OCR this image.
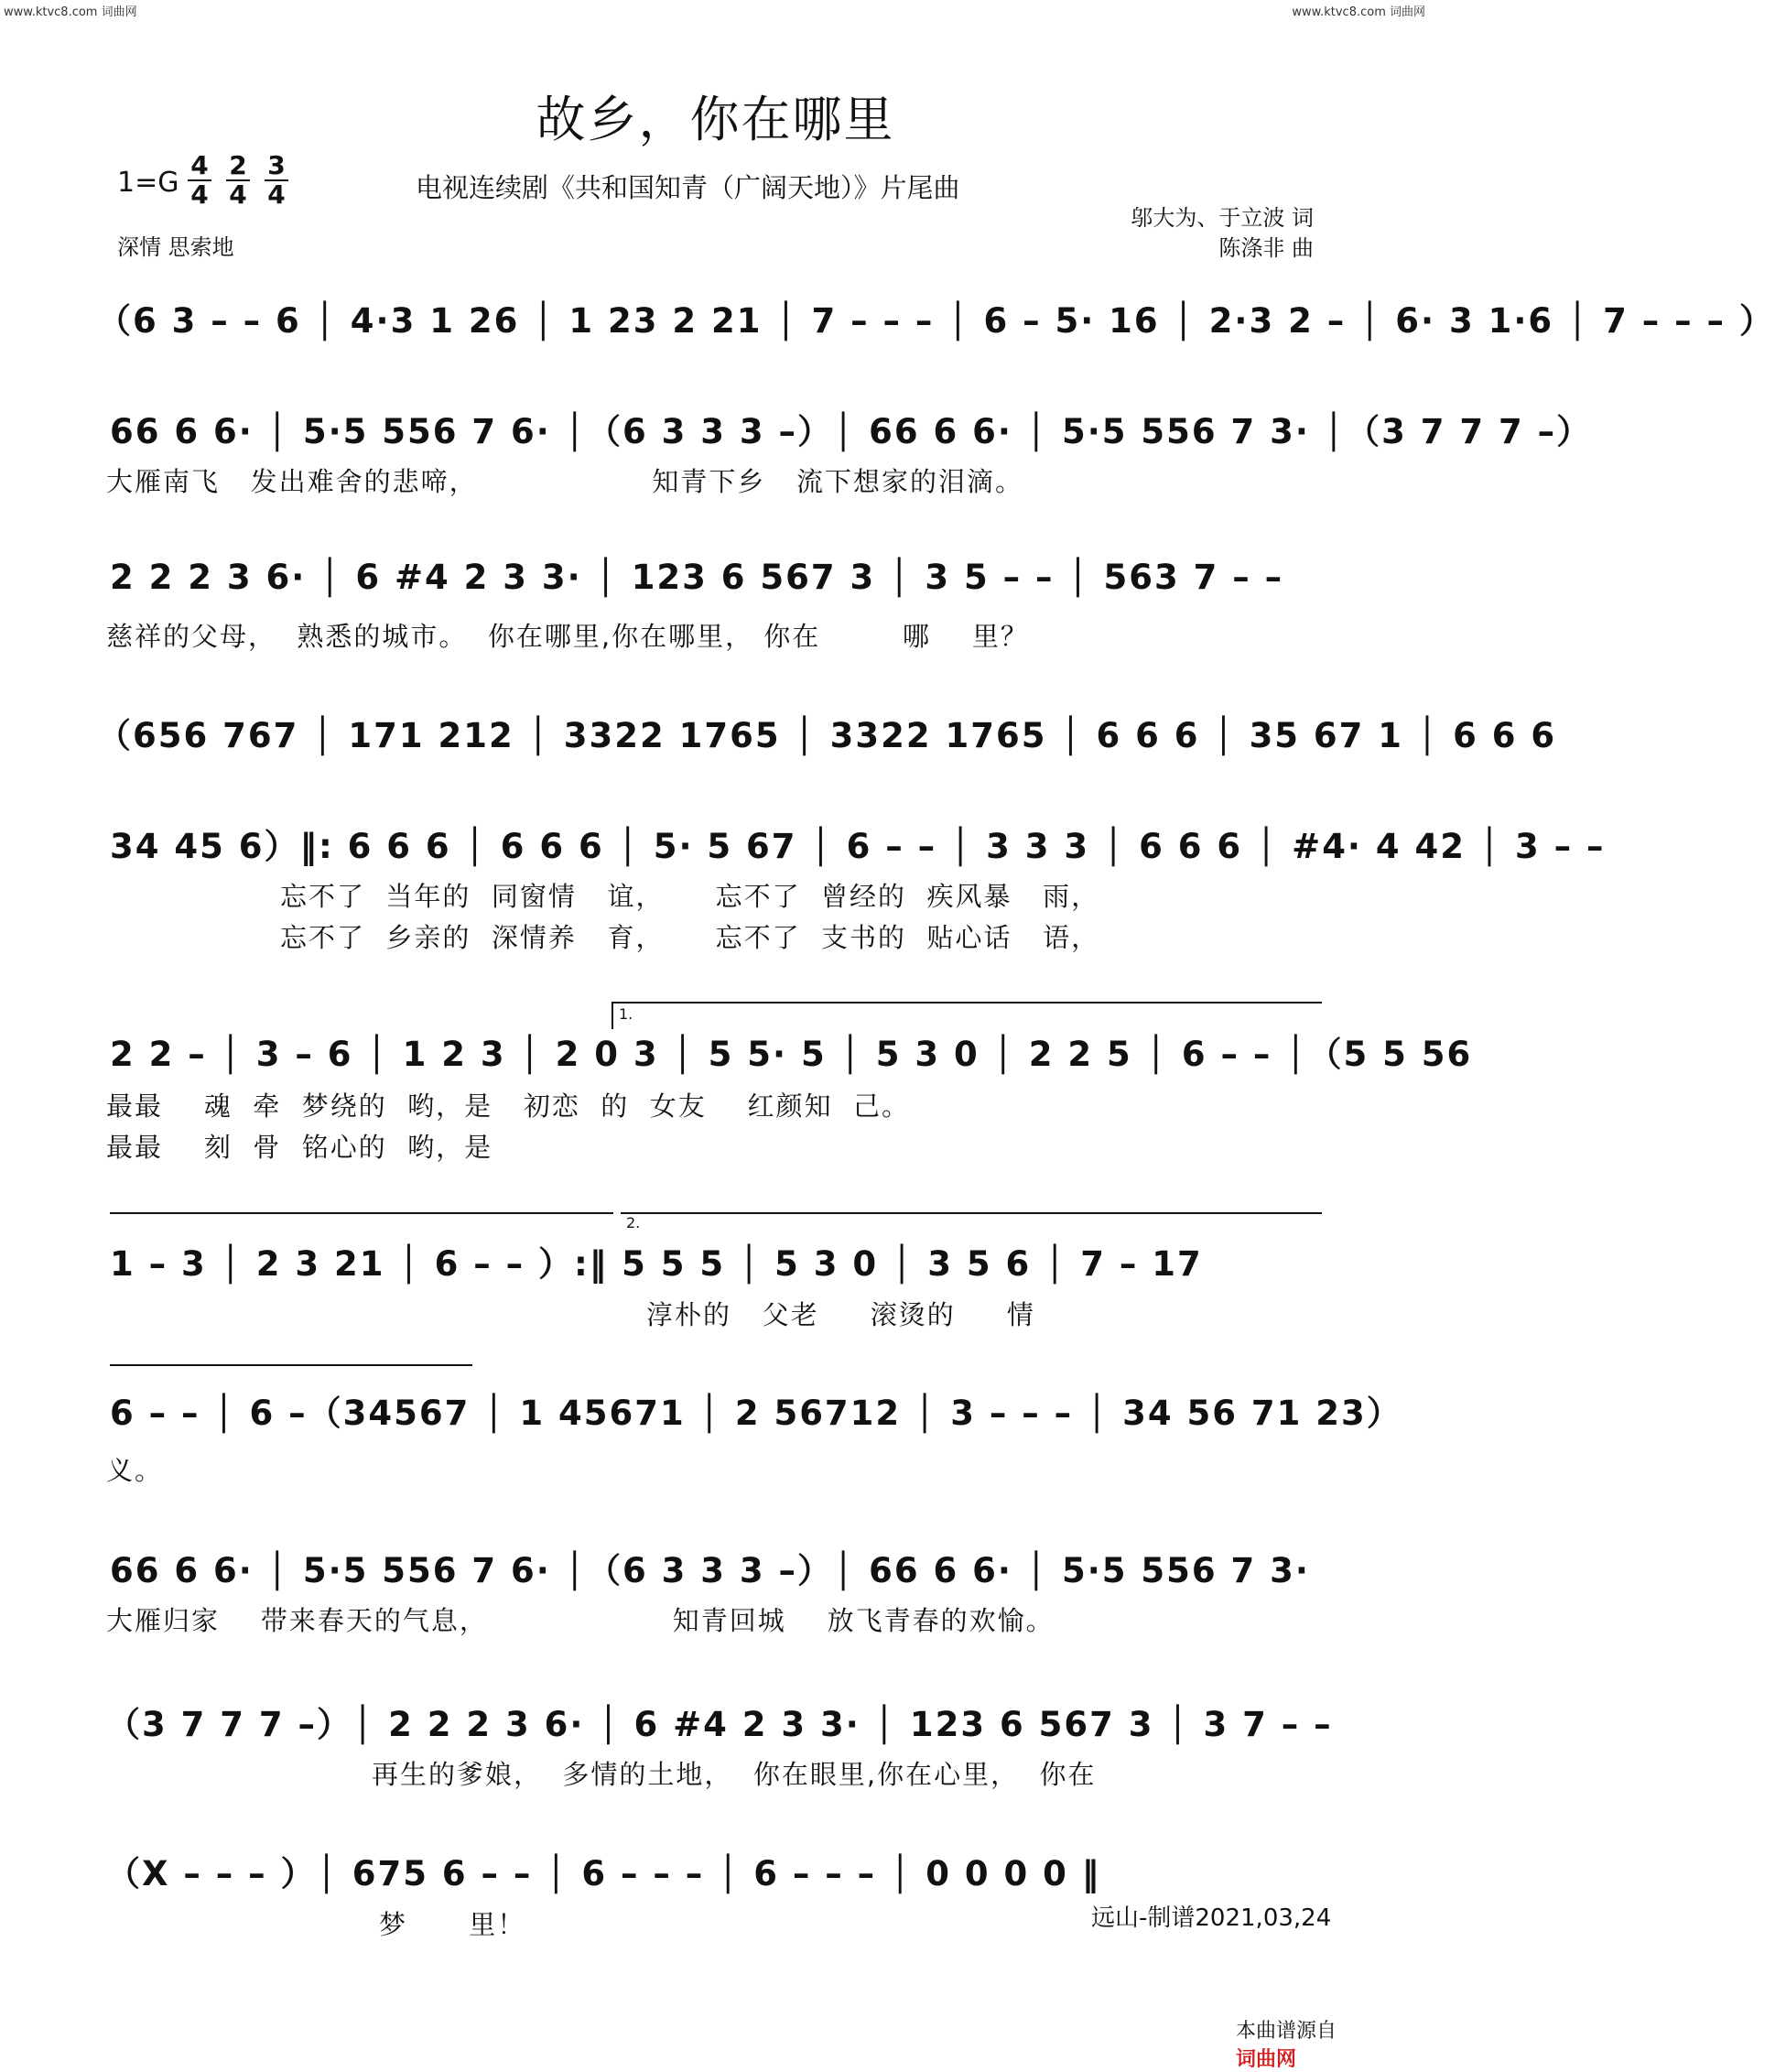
www.ktvc8.com 词曲网	www.ktvc8.com 词曲网
故乡，你在哪里
1=G
4
4
2
4
3
4	电视连续剧《共和国知青（广阔天地）》片尾曲
深情 思索地
邬大为、于立波 词
陈涤非 曲
（6 3 – – 6 │ 4·3 1 26 │ 1 23 2 21 │ 7 – – – │ 6 – 5· 16 │ 2·3 2 – │ 6· 3 1·6 │ 7 – – – ）
66 6 6· │ 5·5 556 7 6· │（6 3 3 3 –）│ 66 6 6· │ 5·5 556 7 3· │（3 7 7 7 –）
大雁南飞   发出难舍的悲啼，                 知青下乡   流下想家的泪滴。
2 2 2 3 6· │ 6 #4 2 3 3· │ 123 6 567 3 │ 3 5 – – │ 563 7 – –
慈祥的父母，  熟悉的城市。  你在哪里,你在哪里， 你在        哪    里？
（656 767 │ 171 212 │ 3322 1765 │ 3322 1765 │ 6 6 6 │ 35 67 1 │ 6 6 6
34 45 6）‖: 6 6 6 │ 6 6 6 │ 5· 5 67 │ 6 – – │ 3 3 3 │ 6 6 6 │ #4· 4 42 │ 3 – –
忘不了  当年的  同窗情   谊，     忘不了  曾经的  疾风暴   雨，
忘不了  乡亲的  深情养   育，     忘不了  支书的  贴心话   语，
1.
2 2 – │ 3 – 6 │ 1 2 3 │ 2 0 3 │ 5 5· 5 │ 5 3 0 │ 2 2 5 │ 6 – – │（5 5 56
最最    魂  牵  梦绕的  哟，是   初恋  的  女友    红颜知  己。
最最    刻  骨  铭心的  哟，是
2.
1 – 3 │ 2 3 21 │ 6 – – ）:‖ 5 5 5 │ 5 3 0 │ 3 5 6 │ 7 – 17
淳朴的   父老     滚烫的     情
6 – – │ 6 –（34567 │ 1 45671 │ 2 56712 │ 3 – – – │ 34 56 71 23）
义。
66 6 6· │ 5·5 556 7 6· │（6 3 3 3 –）│ 66 6 6· │ 5·5 556 7 3·
大雁归家    带来春天的气息，                  知青回城    放飞青春的欢愉。
（3 7 7 7 –）│ 2 2 2 3 6· │ 6 #4 2 3 3· │ 123 6 567 3 │ 3 7 – –
再生的爹娘，  多情的土地，  你在眼里,你在心里，  你在
（X – – – ）│ 675 6 – – │ 6 – – – │ 6 – – – │ 0 0 0 0 ‖
梦      里！	远山-制谱2021,03,24

本曲谱源自
词曲网
